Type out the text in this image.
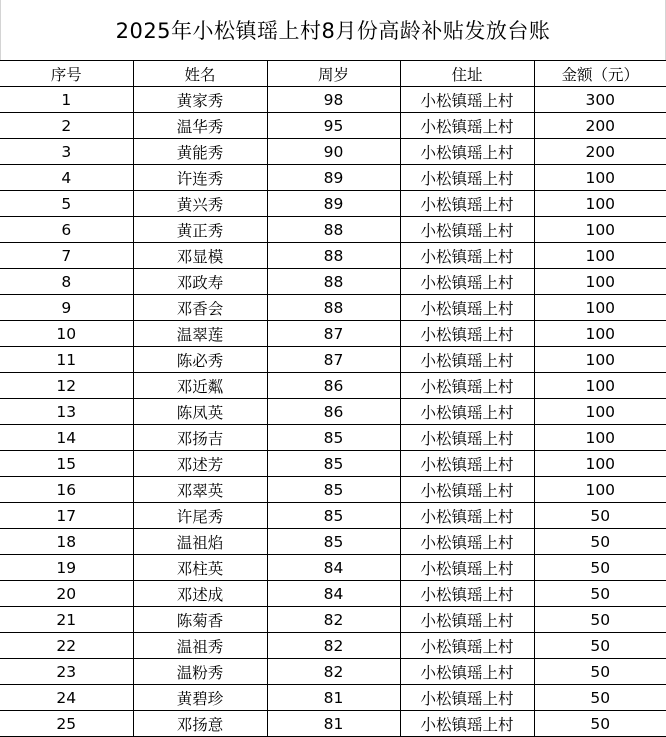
2025年小松镇瑶上村8月份高龄补贴发放台账
序号	姓名	周岁	住址	金额（元）
1	黄家秀	98	小松镇瑶上村	300
2	温华秀	95	小松镇瑶上村	200
3	黄能秀	90	小松镇瑶上村	200
4	许连秀	89	小松镇瑶上村	100
5	黄兴秀	89	小松镇瑶上村	100
6	黄正秀	88	小松镇瑶上村	100
7	邓显模	88	小松镇瑶上村	100
8	邓政寿	88	小松镇瑶上村	100
9	邓香会	88	小松镇瑶上村	100
10	温翠莲	87	小松镇瑶上村	100
11	陈必秀	87	小松镇瑶上村	100
12	邓近粼	86	小松镇瑶上村	100
13	陈凤英	86	小松镇瑶上村	100
14	邓扬吉	85	小松镇瑶上村	100
15	邓述芳	85	小松镇瑶上村	100
16	邓翠英	85	小松镇瑶上村	100
17	许尾秀	85	小松镇瑶上村	50
18	温祖焰	85	小松镇瑶上村	50
19	邓柱英	84	小松镇瑶上村	50
20	邓述成	84	小松镇瑶上村	50
21	陈菊香	82	小松镇瑶上村	50
22	温祖秀	82	小松镇瑶上村	50
23	温粉秀	82	小松镇瑶上村	50
24	黄碧珍	81	小松镇瑶上村	50
25	邓扬意	81	小松镇瑶上村	50
